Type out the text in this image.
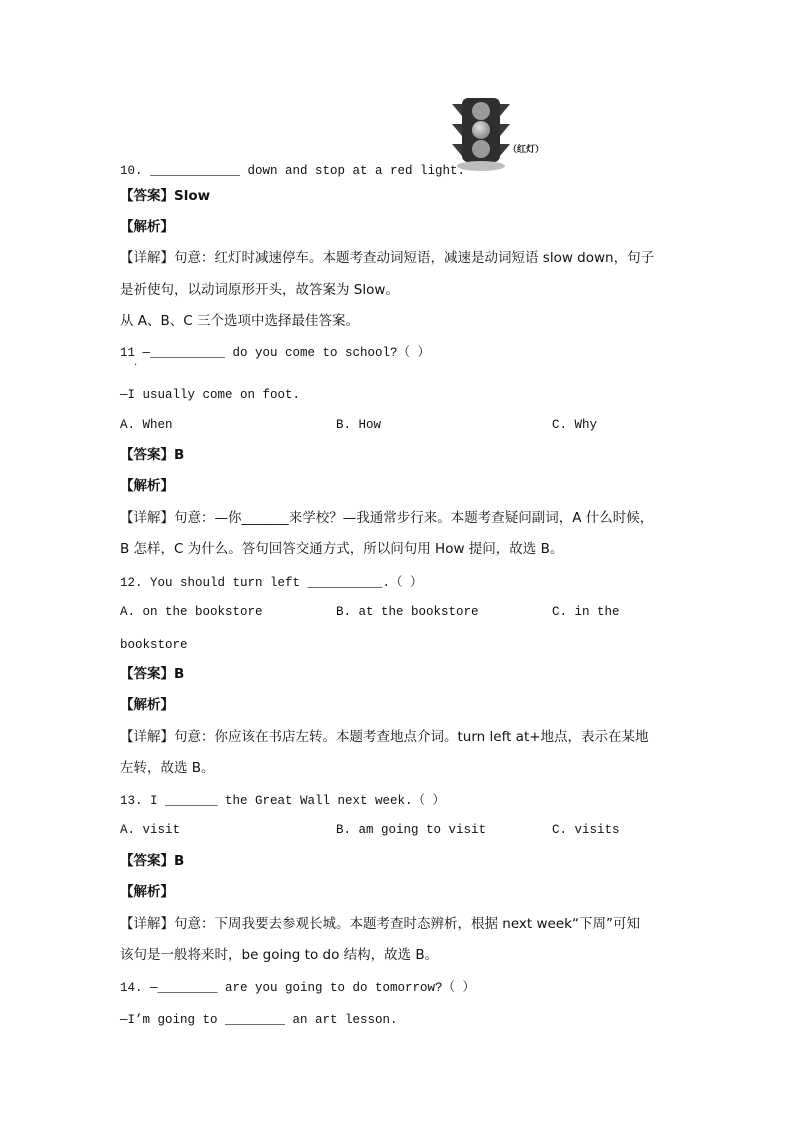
（红灯）
10. ____________ down and stop at a red light.
【答案】Slow
【解析】
【详解】句意：红灯时减速停车。本题考查动词短语，减速是动词短语 slow down，句子
是祈使句，以动词原形开头，故答案为 Slow。
从 A、B、C 三个选项中选择最佳答案。
11 —__________ do you come to school?（ ）
·
—I usually come on foot.
A. When	B. How	C. Why
【答案】B
【解析】
【详解】句意：—你_______来学校？—我通常步行来。本题考查疑问副词，A 什么时候，
B 怎样，C 为什么。答句回答交通方式，所以问句用 How 提问，故选 B。
12. You should turn left __________.（ ）
A. on the bookstore	B. at the bookstore	C. in the
bookstore
【答案】B
【解析】
【详解】句意：你应该在书店左转。本题考查地点介词。turn left at+地点，表示在某地
左转，故选 B。
13. I _______ the Great Wall next week.（ ）
A. visit	B. am going to visit	C. visits
【答案】B
【解析】
【详解】句意：下周我要去参观长城。本题考查时态辨析，根据 next week“下周”可知
该句是一般将来时，be going to do 结构，故选 B。
14. —________ are you going to do tomorrow?（ ）
—I’m going to ________ an art lesson.
